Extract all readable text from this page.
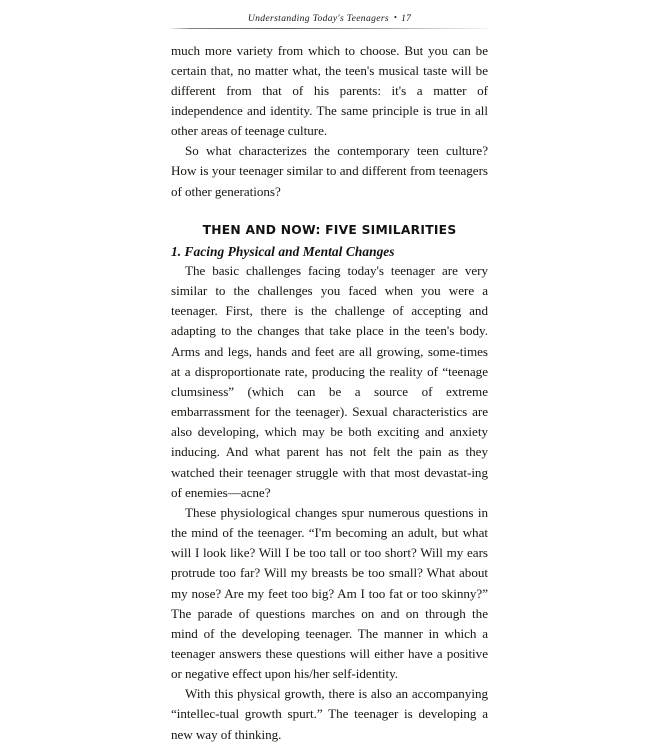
Understanding Today's Teenagers • 17

much more variety from which to choose. But you can be certain that, no matter what, the teen's musical taste will be different from that of his parents: it's a matter of independence and identity. The same principle is true in all other areas of teenage culture.

So what characterizes the contemporary teen culture? How is your teenager similar to and different from teenagers of other generations?

THEN AND NOW: FIVE SIMILARITIES
1. Facing Physical and Mental Changes

The basic challenges facing today's teenager are very similar to the challenges you faced when you were a teenager. First, there is the challenge of accepting and adapting to the changes that take place in the teen's body. Arms and legs, hands and feet are all growing, some-times at a disproportionate rate, producing the reality of “teenage clumsiness” (which can be a source of extreme embarrassment for the teenager). Sexual characteristics are also developing, which may be both exciting and anxiety inducing. And what parent has not felt the pain as they watched their teenager struggle with that most devastat-ing of enemies—acne?

These physiological changes spur numerous questions in the mind of the teenager. “I'm becoming an adult, but what will I look like? Will I be too tall or too short? Will my ears protrude too far? Will my breasts be too small? What about my nose? Are my feet too big? Am I too fat or too skinny?” The parade of questions marches on and on through the mind of the developing teenager. The manner in which a teenager answers these questions will either have a positive or negative effect upon his/her self-identity.

With this physical growth, there is also an accompanying “intellec-tual growth spurt.” The teenager is developing a new way of thinking.
